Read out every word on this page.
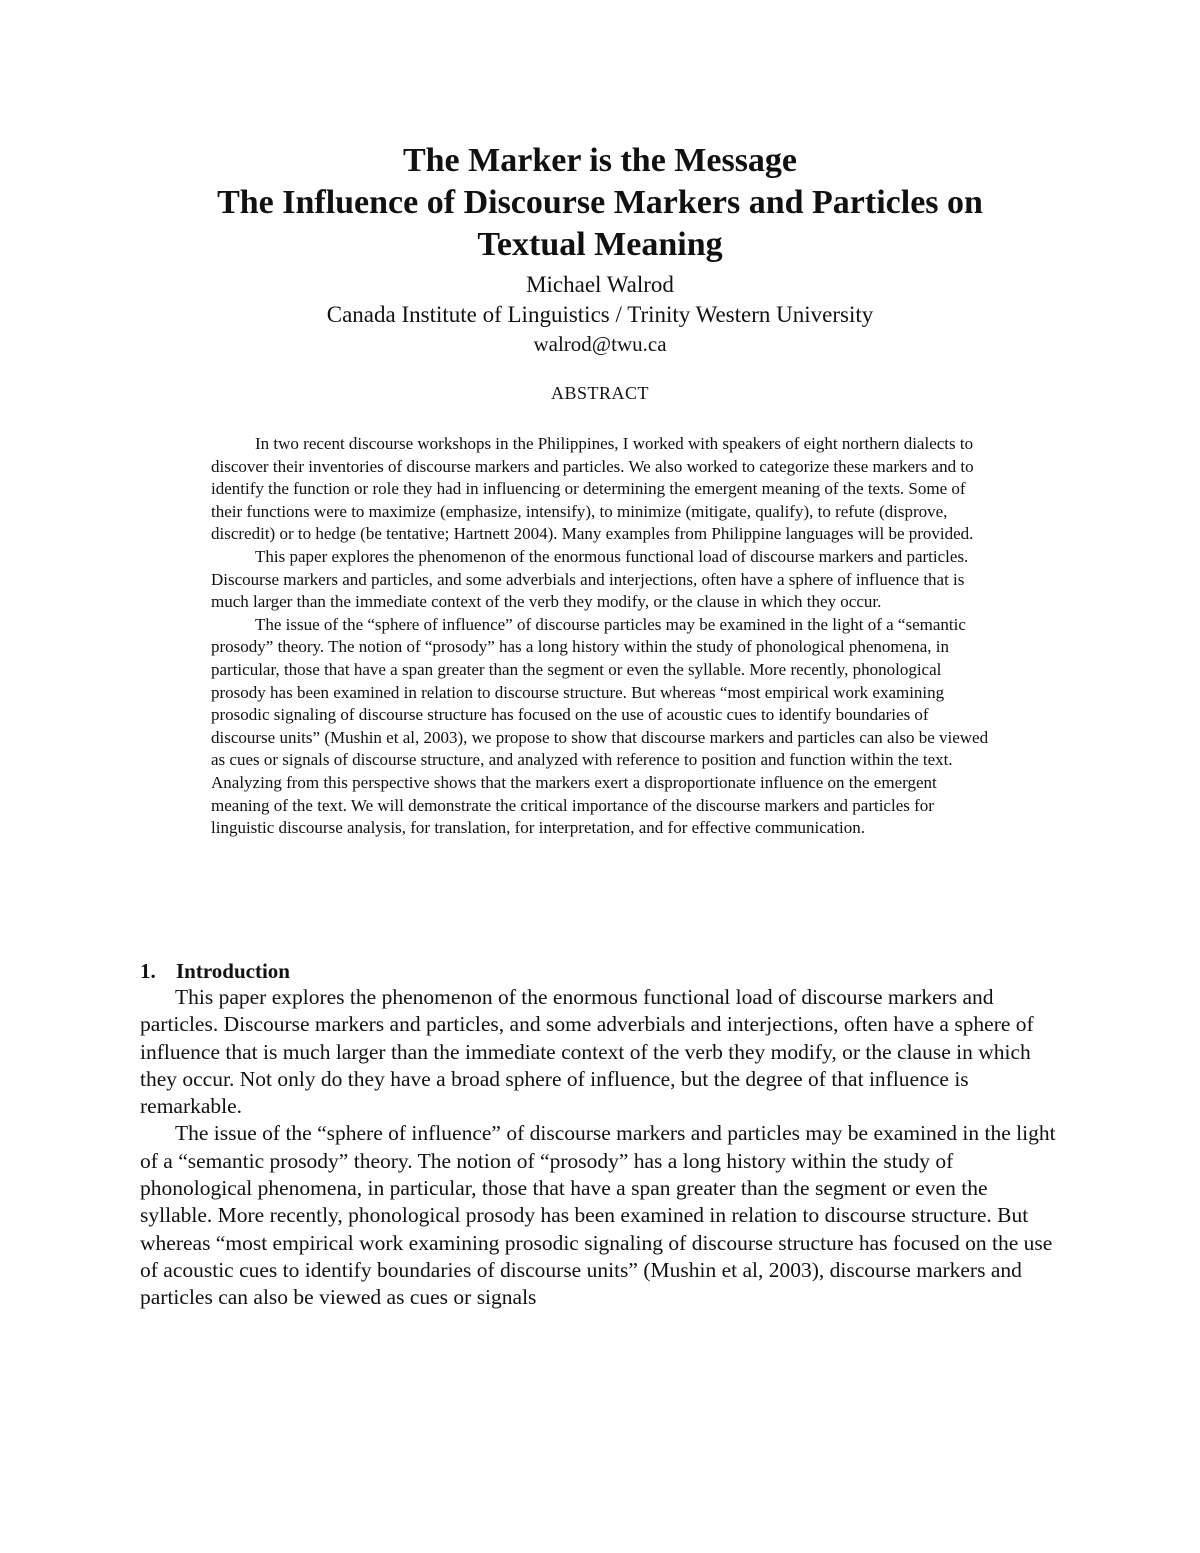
The Marker is the Message
The Influence of Discourse Markers and Particles on
Textual Meaning
Michael Walrod
Canada Institute of Linguistics / Trinity Western University
walrod@twu.ca
ABSTRACT

In two recent discourse workshops in the Philippines, I worked with speakers of eight northern dialects to discover their inventories of discourse markers and particles. We also worked to categorize these markers and to identify the function or role they had in influencing or determining the emergent meaning of the texts. Some of their functions were to maximize (emphasize, intensify), to minimize (mitigate, qualify), to refute (disprove, discredit) or to hedge (be tentative; Hartnett 2004). Many examples from Philippine languages will be provided.

This paper explores the phenomenon of the enormous functional load of discourse markers and particles. Discourse markers and particles, and some adverbials and interjections, often have a sphere of influence that is much larger than the immediate context of the verb they modify, or the clause in which they occur.

The issue of the “sphere of influence” of discourse particles may be examined in the light of a “semantic prosody” theory. The notion of “prosody” has a long history within the study of phonological phenomena, in particular, those that have a span greater than the segment or even the syllable. More recently, phonological prosody has been examined in relation to discourse structure. But whereas “most empirical work examining prosodic signaling of discourse structure has focused on the use of acoustic cues to identify boundaries of discourse units” (Mushin et al, 2003), we propose to show that discourse markers and particles can also be viewed as cues or signals of discourse structure, and analyzed with reference to position and function within the text. Analyzing from this perspective shows that the markers exert a disproportionate influence on the emergent meaning of the text. We will demonstrate the critical importance of the discourse markers and particles for linguistic discourse analysis, for translation, for interpretation, and for effective communication.

1. Introduction

This paper explores the phenomenon of the enormous functional load of discourse markers and particles. Discourse markers and particles, and some adverbials and interjections, often have a sphere of influence that is much larger than the immediate context of the verb they modify, or the clause in which they occur. Not only do they have a broad sphere of influence, but the degree of that influence is remarkable.

The issue of the “sphere of influence” of discourse markers and particles may be examined in the light of a “semantic prosody” theory. The notion of “prosody” has a long history within the study of phonological phenomena, in particular, those that have a span greater than the segment or even the syllable. More recently, phonological prosody has been examined in relation to discourse structure. But whereas “most empirical work examining prosodic signaling of discourse structure has focused on the use of acoustic cues to identify boundaries of discourse units” (Mushin et al, 2003), discourse markers and particles can also be viewed as cues or signals
